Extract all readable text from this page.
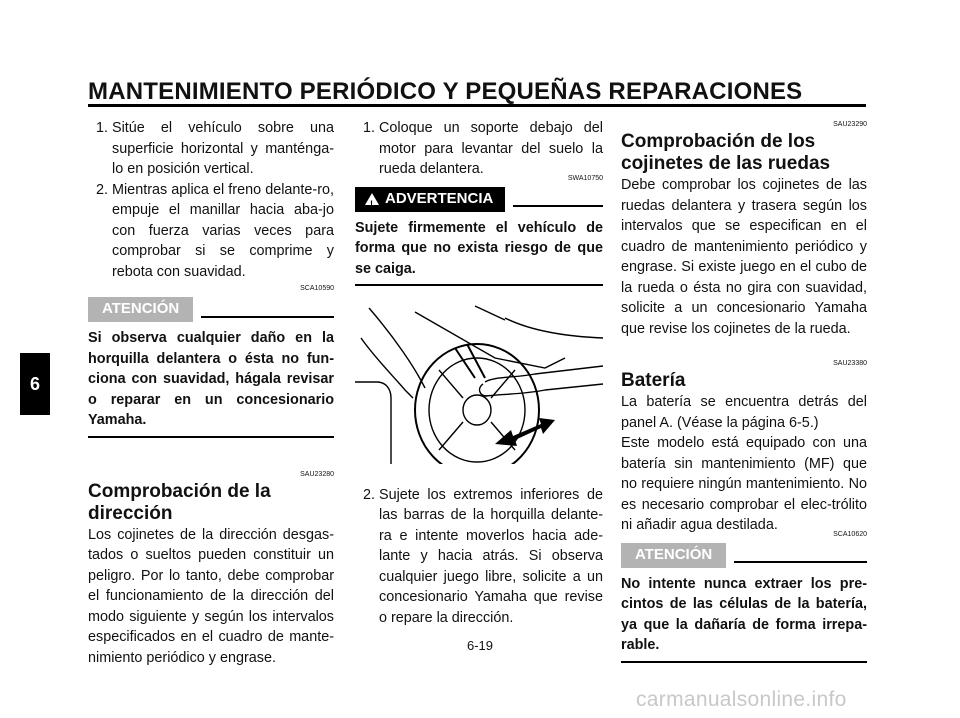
MANTENIMIENTO PERIÓDICO Y PEQUEÑAS REPARACIONES
6
1. Sitúe el vehículo sobre una superficie horizontal y manténga-lo en posición vertical.
2. Mientras aplica el freno delante-ro, empuje el manillar hacia aba-jo con fuerza varias veces para comprobar si se comprime y rebota con suavidad.
SCA10590
ATENCIÓN
Si observa cualquier daño en la horquilla delantera o ésta no fun-ciona con suavidad, hágala revisar o reparar en un concesionario Yamaha.
SAU23280
Comprobación de la dirección
Los cojinetes de la dirección desgas-tados o sueltos pueden constituir un peligro. Por lo tanto, debe comprobar el funcionamiento de la dirección del modo siguiente y según los intervalos especificados en el cuadro de mante-nimiento periódico y engrase.
1. Coloque un soporte debajo del motor para levantar del suelo la rueda delantera.
SWA10750
!
ADVERTENCIA
Sujete firmemente el vehículo de forma que no exista riesgo de que se caiga.
2. Sujete los extremos inferiores de las barras de la horquilla delante-ra e intente moverlos hacia ade-lante y hacia atrás. Si observa cualquier juego libre, solicite a un concesionario Yamaha que revise o repare la dirección.
SAU23290
Comprobación de los cojinetes de las ruedas
Debe comprobar los cojinetes de las ruedas delantera y trasera según los intervalos que se especifican en el cuadro de mantenimiento periódico y engrase. Si existe juego en el cubo de la rueda o ésta no gira con suavidad, solicite a un concesionario Yamaha que revise los cojinetes de la rueda.
SAU23380
Batería
La batería se encuentra detrás del panel A. (Véase la página 6-5.)
Este modelo está equipado con una batería sin mantenimiento (MF) que no requiere ningún mantenimiento. No es necesario comprobar el elec-trólito ni añadir agua destilada.
SCA10620
ATENCIÓN
No intente nunca extraer los pre-cintos de las células de la batería, ya que la dañaría de forma irrepa-rable.
6-19
carmanualsonline.info
